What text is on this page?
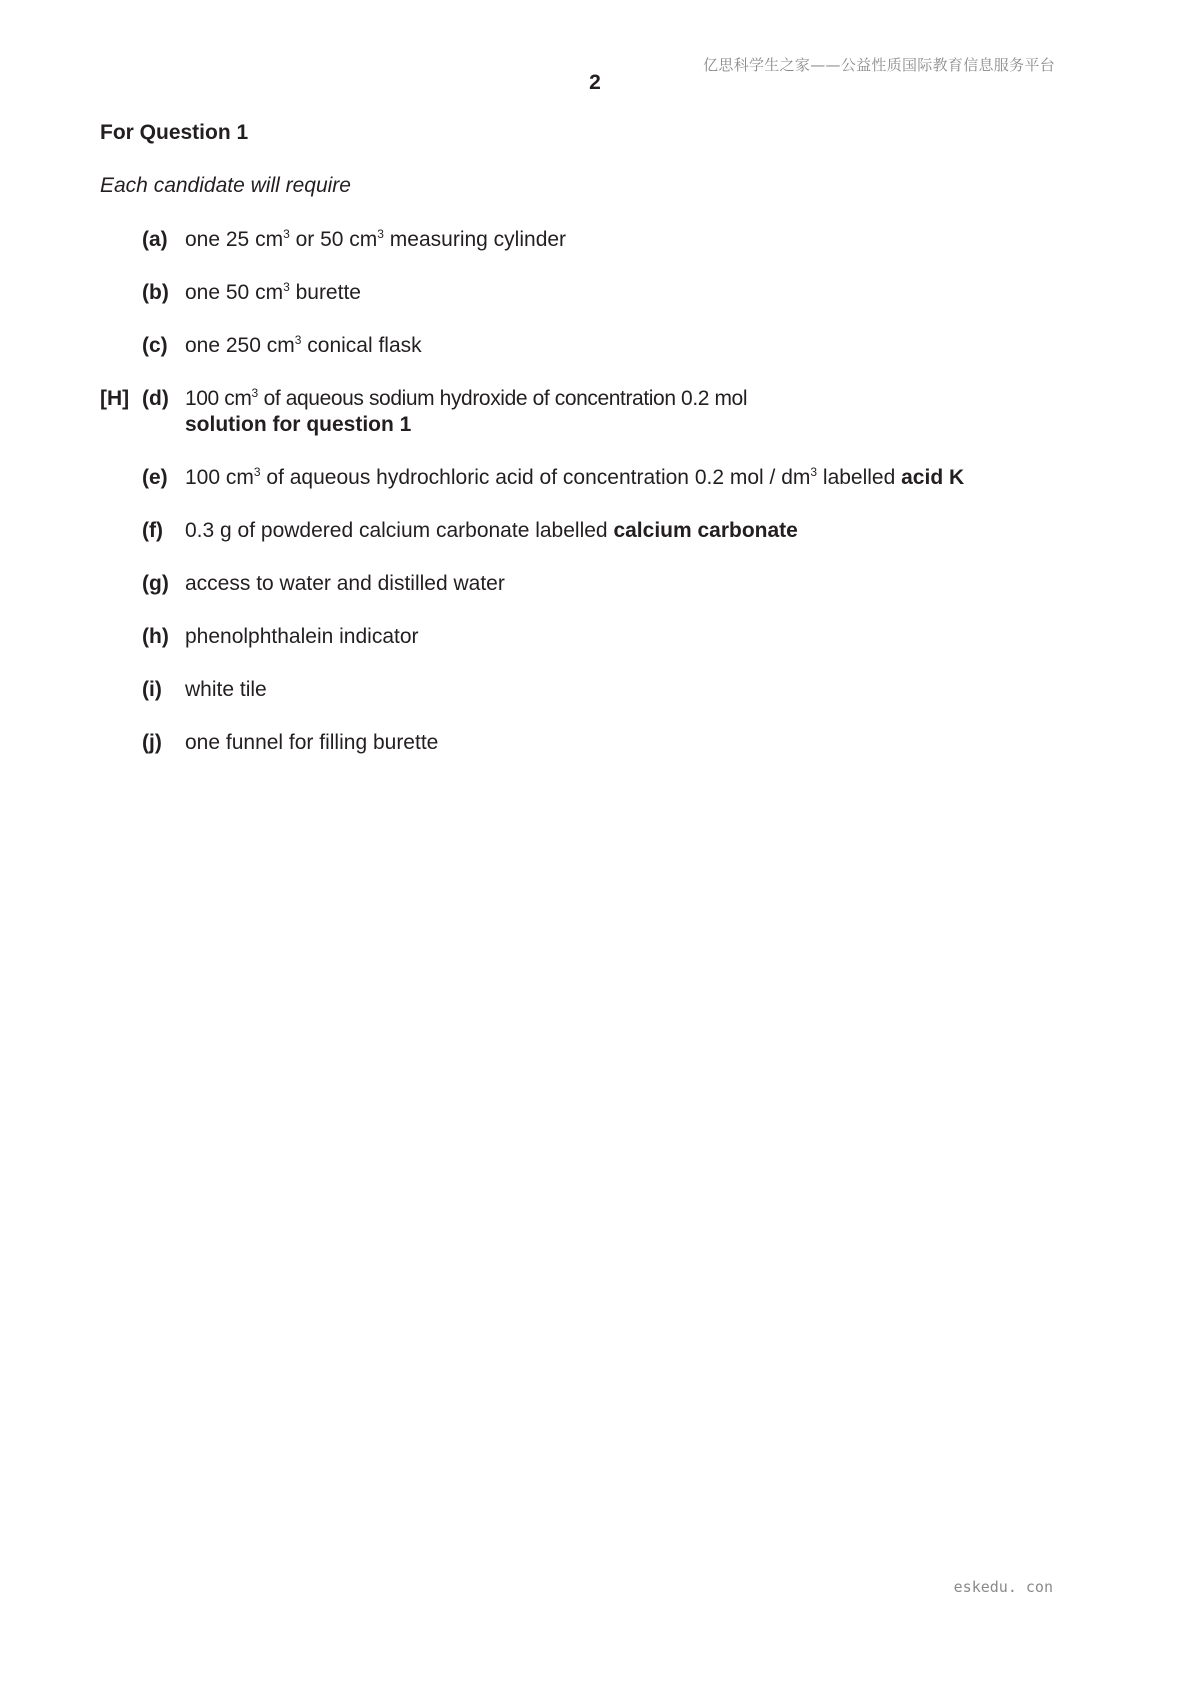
亿思科学生之家——公益性质国际教育信息服务平台
2
For Question 1
Each candidate will require
(a) one 25 $cm^3$ or 50 $cm^3$ measuring cylinder
(b) one 50 $cm^3$ burette
(c) one 250 $cm^3$ conical flask
[H] (d) 100 $cm^3$ of aqueous sodium hydroxide of concentration 0.2 mol
solution for question 1
(e) 100 $cm^3$ of aqueous hydrochloric acid of concentration 0.2 mol / $dm^3$ labelled acid K
(f) 0.3 g of powdered calcium carbonate labelled calcium carbonate
(g) access to water and distilled water
(h) phenolphthalein indicator
(i) white tile
(j) one funnel for filling burette
eskedu. con
